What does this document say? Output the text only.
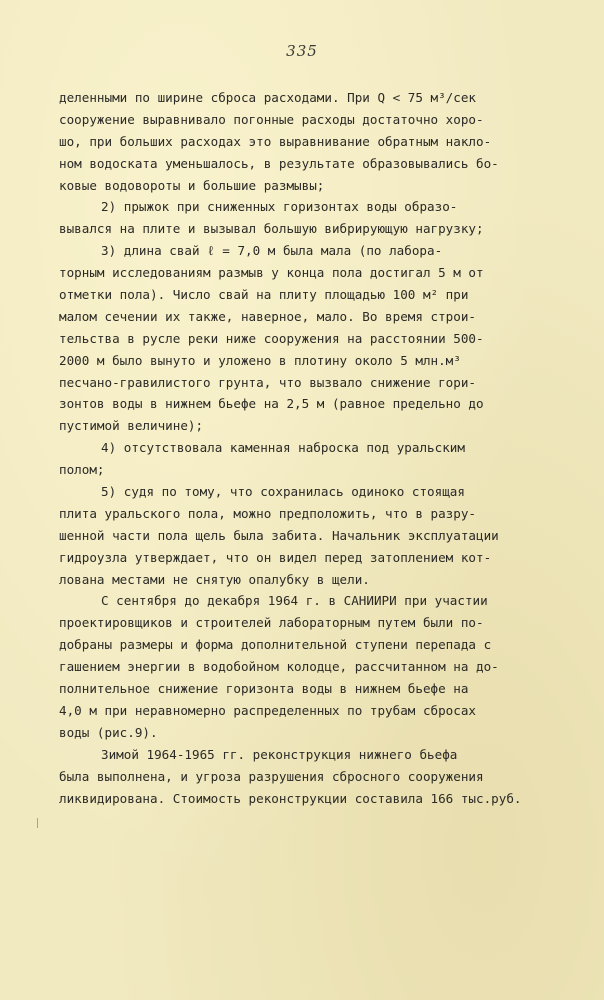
335
деленными по ширине сброса расходами. При Q < 75 м³/сек
сооружение выравнивало погонные расходы достаточно хоро-
шо, при больших расходах это выравнивание обратным накло-
ном водоската уменьшалось, в результате образовывались бо-
ковые водовороты и большие размывы;
2) прыжок при сниженных горизонтах воды образо-
вывался на плите и вызывал большую вибрирующую нагрузку;
3) длина свай ℓ = 7,0 м была мала (по лабора-
торным исследованиям размыв у конца пола достигал 5 м от
отметки пола). Число свай на плиту площадью 100 м² при
малом сечении их также, наверное, мало. Во время строи-
тельства в русле реки ниже сооружения на расстоянии 500-
2000 м было вынуто и уложено в плотину около 5 млн.м³
песчано-гравилистого грунта, что вызвало снижение гори-
зонтов воды в нижнем бьефе на 2,5 м (равное предельно до
пустимой величине);
4) отсутствовала каменная наброска под уральским
полом;
5) судя по тому, что сохранилась одиноко стоящая
плита уральского пола, можно предположить, что в разру-
шенной части пола щель была забита. Начальник эксплуатации
гидроузла утверждает, что он видел перед затоплением кот-
лована местами не снятую опалубку в щели.
С сентября до декабря 1964 г. в САНИИРИ при участии
проектировщиков и строителей лабораторным путем были по-
добраны размеры и форма дополнительной ступени перепада с
гашением энергии в водобойном колодце, рассчитанном на до-
полнительное снижение горизонта воды в нижнем бьефе на
4,0 м при неравномерно распределенных по трубам сбросах
воды (рис.9).
Зимой 1964-1965 гг. реконструкция нижнего бьефа
была выполнена, и угроза разрушения сбросного сооружения
ликвидирована. Стоимость реконструкции составила 166 тыс.руб.
